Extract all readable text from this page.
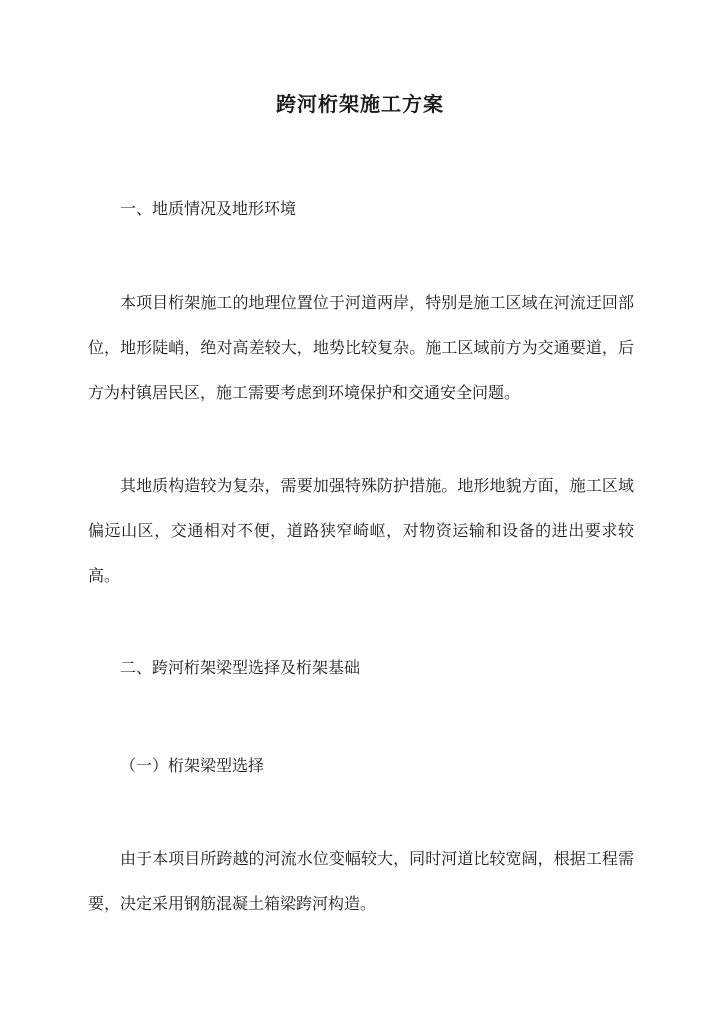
跨河桁架施工方案
一、地质情况及地形环境
本项目桁架施工的地理位置位于河道两岸，特别是施工区域在河流迂回部位，地形陡峭，绝对高差较大，地势比较复杂。施工区域前方为交通要道，后方为村镇居民区，施工需要考虑到环境保护和交通安全问题。
其地质构造较为复杂，需要加强特殊防护措施。地形地貌方面，施工区域偏远山区，交通相对不便，道路狭窄崎岖，对物资运输和设备的进出要求较高。
二、跨河桁架梁型选择及桁架基础
（一）桁架梁型选择
由于本项目所跨越的河流水位变幅较大，同时河道比较宽阔，根据工程需要，决定采用钢筋混凝土箱梁跨河构造。
